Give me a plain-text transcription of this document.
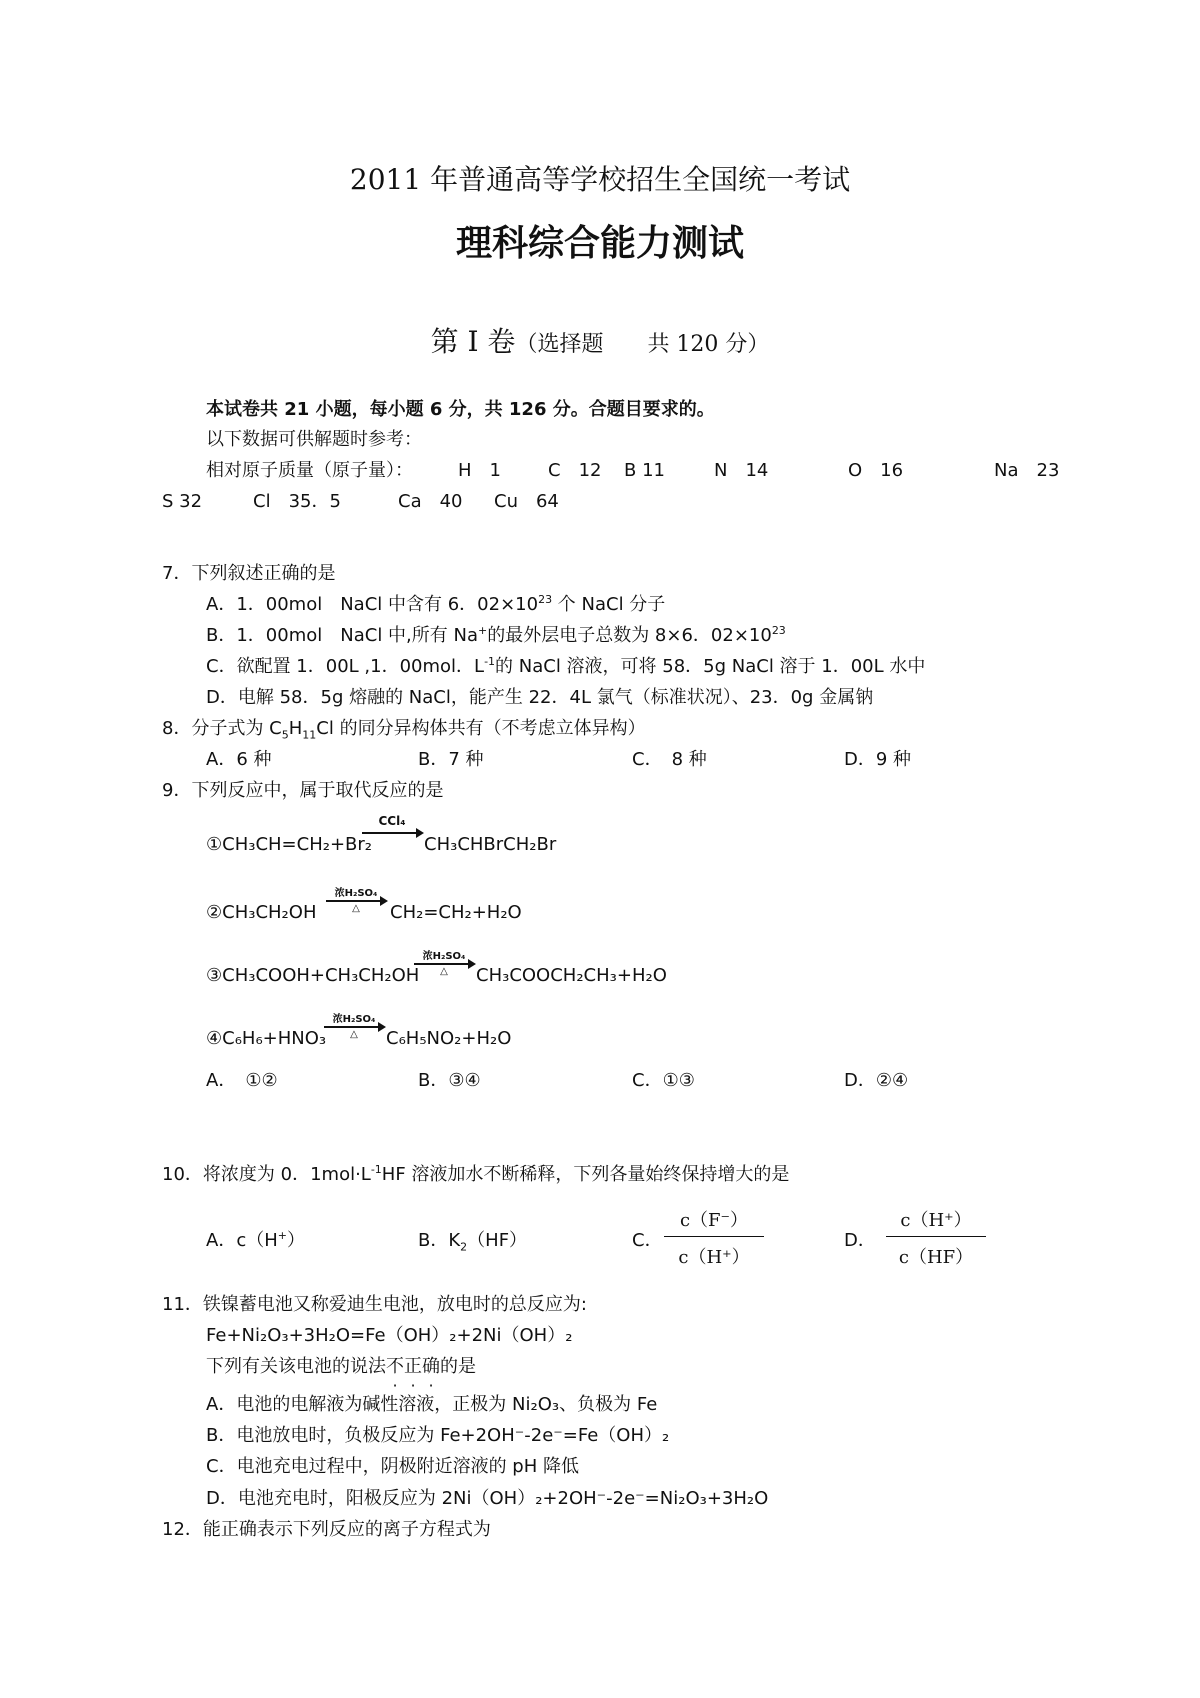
2011 年普通高等学校招生全国统一考试
理科综合能力测试
第 I 卷（选择题　　共 120 分）
本试卷共 21 小题，每小题 6 分，共 126 分。合题目要求的。
以下数据可供解题时参考：
相对原子质量（原子量）：	H　1	C　12 B 11	N　14	O　16	Na　23
S 32	Cl　35．5	Ca　40 Cu　64
7．下列叙述正确的是
A．1．00mol　NaCl 中含有 6．$02\times 10^{23}$ 个 NaCl 分子
B．1．00mol　NaCl 中,所有 Na+的最外层电子总数为 8×6．$02\times 10^{23}$
C．欲配置 1．00L ,1．00mol．$L^{-1}$的 NaCl 溶液，可将 58．5g NaCl 溶于 1．00L 水中
D．电解 58．5g 熔融的 NaCl，能产生 22．4L 氯气（标准状况）、23．0g 金属钠
8．分子式为 $C_5H_{11}Cl$ 的同分异构体共有（不考虑立体异构）
A．6 种	B．7 种	C．　8 种	D．9 种
9．下列反应中，属于取代反应的是
①CH₃CH=CH₂+Br₂
CCl₄
CH₃CHBrCH₂Br
②CH₃CH₂OH
浓H₂SO₄
△	CH₂=CH₂+H₂O
③CH₃COOH+CH₃CH₂OH
浓H₂SO₄
△	CH₃COOCH₂CH₃+H₂O
④C₆H₆+HNO₃
浓H₂SO₄
△	C₆H₅NO₂+H₂O
A．　①②	B．③④	C．①③	D．②④
10．将浓度为 0．$1mol\cdot L^{-1}HF$ 溶液加水不断稀释，下列各量始终保持增大的是
A．c（H+）	B．$K_2(HF)$	C． $\frac{c(F^-)}{c(H^+)}$	D． $\frac{c(H^+)}{c(HF)}$
11．铁镍蓄电池又称爱迪生电池，放电时的总反应为:
Fe+Ni₂O₃+3H₂O=Fe（OH）₂+2Ni（OH）₂
下列有关该电池的说法不正确的是
A．电池的电解液为碱性溶液，正极为 Ni₂O₃、负极为 Fe
B．电池放电时，负极反应为 Fe+2OH⁻-2e⁻=Fe（OH）₂
C．电池充电过程中，阴极附近溶液的 pH 降低
D．电池充电时，阳极反应为 2Ni（OH）₂+2OH⁻-2e⁻=Ni₂O₃+3H₂O
12．能正确表示下列反应的离子方程式为
